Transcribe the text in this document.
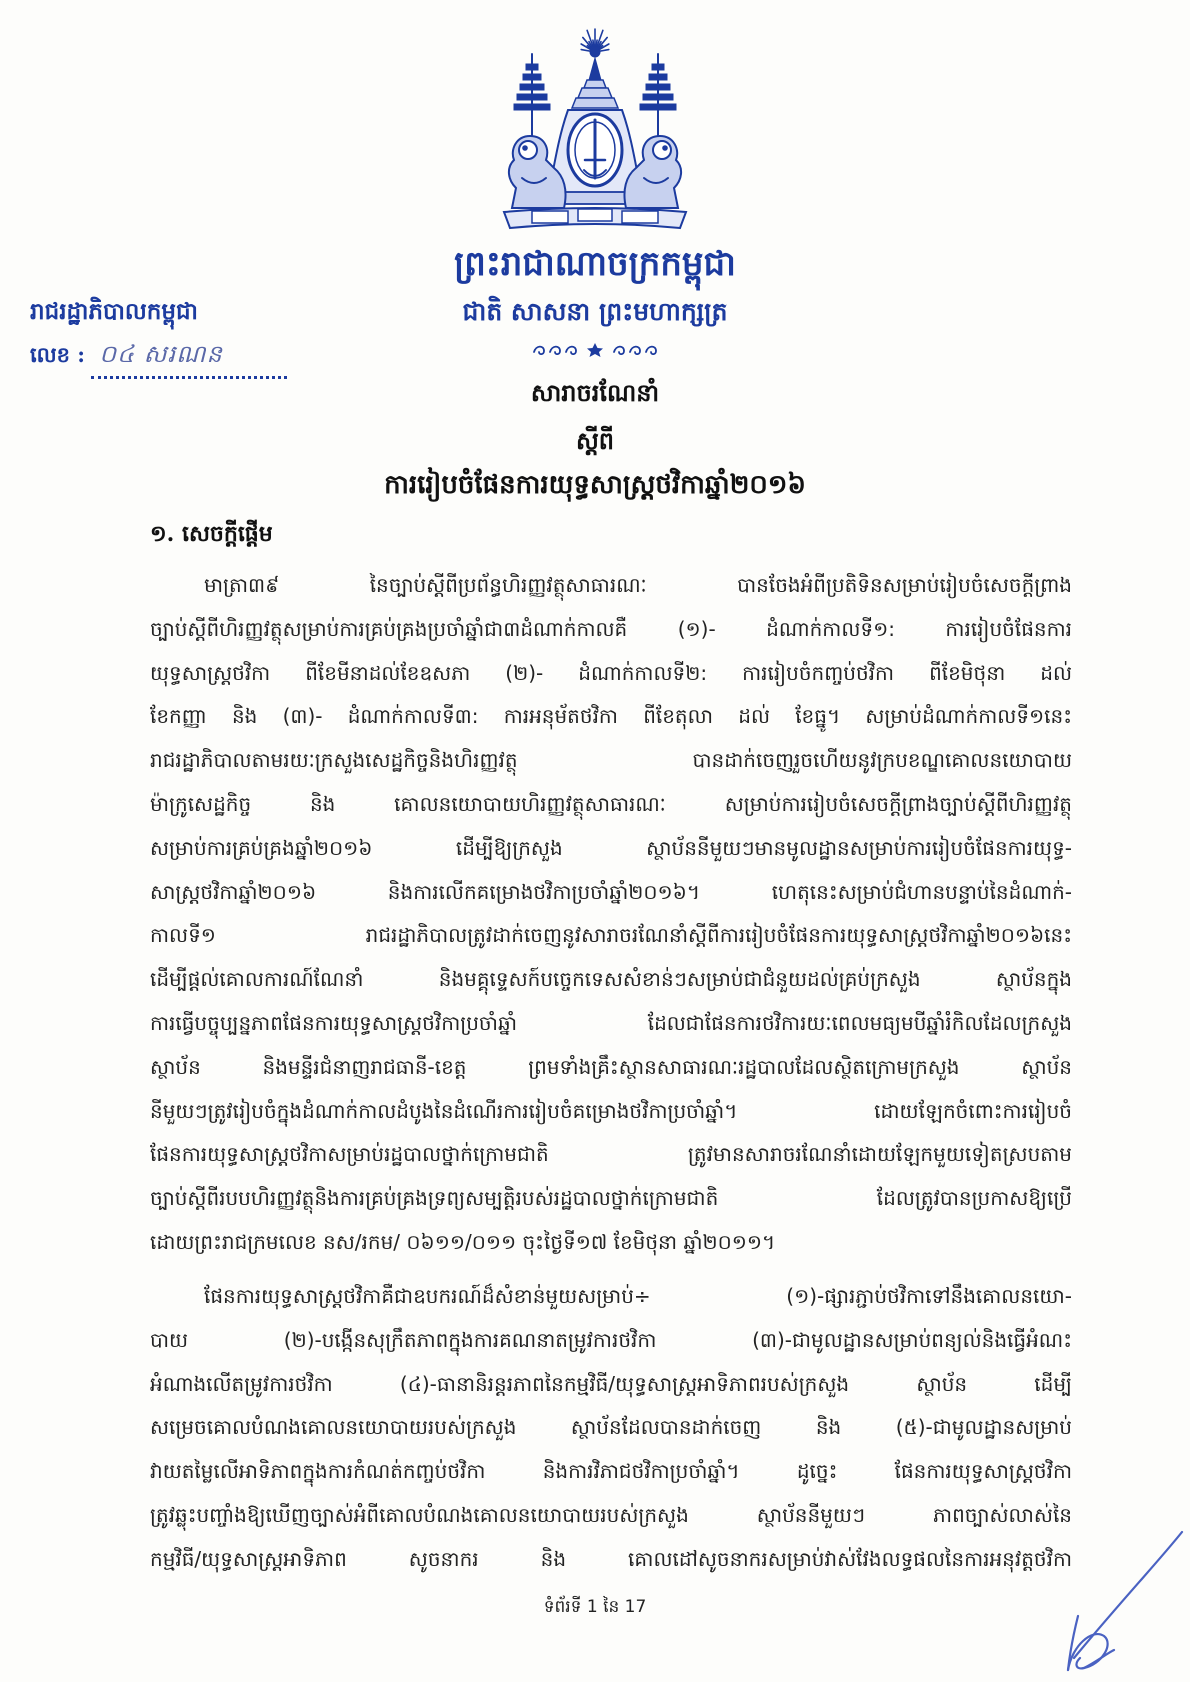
ព្រះរាជាណាចក្រកម្ពុជា
ជាតិ សាសនា ព្រះមហាក្សត្រ
រាជរដ្ឋាភិបាលកម្ពុជា
លេខ : ០៤ សរណន
សារាចរណែនាំ
ស្តីពី
ការរៀបចំផែនការយុទ្ធសាស្ត្រថវិកាឆ្នាំ២០១៦
១. សេចក្តីផ្តើម
មាត្រា៣៩ នៃច្បាប់ស្តីពីប្រព័ន្ធហិរញ្ញវត្ថុសាធារណៈ បានចែងអំពីប្រតិទិនសម្រាប់រៀបចំសេចក្តីព្រាង
ច្បាប់ស្តីពីហិរញ្ញវត្ថុសម្រាប់ការគ្រប់គ្រងប្រចាំឆ្នាំជា៣ដំណាក់កាលគឺ (១)- ដំណាក់កាលទី១: ការរៀបចំផែនការ
យុទ្ធសាស្ត្រថវិកា ពីខែមីនាដល់ខែឧសភា (២)- ដំណាក់កាលទី២: ការរៀបចំកញ្ចប់ថវិកា ពីខែមិថុនា ដល់
ខែកញ្ញា និង (៣)- ដំណាក់កាលទី៣: ការអនុម័តថវិកា ពីខែតុលា ដល់ ខែធ្នូ។ សម្រាប់ដំណាក់កាលទី១នេះ
រាជរដ្ឋាភិបាលតាមរយៈក្រសួងសេដ្ឋកិច្ចនិងហិរញ្ញវត្ថុ បានដាក់ចេញរួចហើយនូវក្របខណ្ឌគោលនយោបាយ
ម៉ាក្រូសេដ្ឋកិច្ច និង គោលនយោបាយហិរញ្ញវត្ថុសាធារណៈ សម្រាប់ការរៀបចំសេចក្តីព្រាងច្បាប់ស្តីពីហិរញ្ញវត្ថុ
សម្រាប់ការគ្រប់គ្រងឆ្នាំ២០១៦ ដើម្បីឱ្យក្រសួង ស្ថាប័ននីមួយៗមានមូលដ្ឋានសម្រាប់ការរៀបចំផែនការយុទ្ធ-
សាស្ត្រថវិកាឆ្នាំ២០១៦ និងការលើកគម្រោងថវិកាប្រចាំឆ្នាំ២០១៦។ ហេតុនេះសម្រាប់ជំហានបន្ទាប់នៃដំណាក់-
កាលទី១ រាជរដ្ឋាភិបាលត្រូវដាក់ចេញនូវសារាចរណែនាំស្តីពីការរៀបចំផែនការយុទ្ធសាស្ត្រថវិកាឆ្នាំ២០១៦នេះ
ដើម្បីផ្តល់គោលការណ៍ណែនាំ និងមគ្គុទ្ទេសក៍បច្ចេកទេសសំខាន់ៗសម្រាប់ជាជំនួយដល់គ្រប់ក្រសួង ស្ថាប័នក្នុង
ការធ្វើបច្ចុប្បន្នភាពផែនការយុទ្ធសាស្ត្រថវិកាប្រចាំឆ្នាំ ដែលជាផែនការថវិការយៈពេលមធ្យមបីឆ្នាំរំកិលដែលក្រសួង
ស្ថាប័ន និងមន្ទីរជំនាញរាជធានី-ខេត្ត ព្រមទាំងគ្រឹះស្ថានសាធារណៈរដ្ឋបាលដែលស្ថិតក្រោមក្រសួង ស្ថាប័ន
នីមួយៗត្រូវរៀបចំក្នុងដំណាក់កាលដំបូងនៃដំណើរការរៀបចំគម្រោងថវិកាប្រចាំឆ្នាំ។ ដោយឡែកចំពោះការរៀបចំ
ផែនការយុទ្ធសាស្ត្រថវិកាសម្រាប់រដ្ឋបាលថ្នាក់ក្រោមជាតិ ត្រូវមានសារាចរណែនាំដោយឡែកមួយទៀតស្របតាម
ច្បាប់ស្តីពីរបបហិរញ្ញវត្ថុនិងការគ្រប់គ្រងទ្រព្យសម្បត្តិរបស់រដ្ឋបាលថ្នាក់ក្រោមជាតិ ដែលត្រូវបានប្រកាសឱ្យប្រើ
ដោយព្រះរាជក្រមលេខ នស/រកម/ ០៦១១/០១១ ចុះថ្ងៃទី១៧ ខែមិថុនា ឆ្នាំ២០១១។
ផែនការយុទ្ធសាស្ត្រថវិកាគឺជាឧបករណ៍ដ៏សំខាន់មួយសម្រាប់÷ (១)-ផ្សារភ្ជាប់ថវិកាទៅនឹងគោលនយោ-
បាយ (២)-បង្កើនសុក្រឹតភាពក្នុងការគណនាតម្រូវការថវិកា (៣)-ជាមូលដ្ឋានសម្រាប់ពន្យល់និងធ្វើអំណះ
អំណាងលើតម្រូវការថវិកា (៤)-ធានានិរន្តរភាពនៃកម្មវិធី/យុទ្ធសាស្ត្រអាទិភាពរបស់ក្រសួង ស្ថាប័ន ដើម្បី
សម្រេចគោលបំណងគោលនយោបាយរបស់ក្រសួង ស្ថាប័នដែលបានដាក់ចេញ និង (៥)-ជាមូលដ្ឋានសម្រាប់
វាយតម្លៃលើអាទិភាពក្នុងការកំណត់កញ្ចប់ថវិកា និងការវិភាជថវិកាប្រចាំឆ្នាំ។ ដូច្នេះ ផែនការយុទ្ធសាស្ត្រថវិកា
ត្រូវឆ្លុះបញ្ចាំងឱ្យឃើញច្បាស់អំពីគោលបំណងគោលនយោបាយរបស់ក្រសួង ស្ថាប័ននីមួយៗ ភាពច្បាស់លាស់នៃ
កម្មវិធី/យុទ្ធសាស្ត្រអាទិភាព សូចនាករ និង គោលដៅសូចនាករសម្រាប់វាស់វែងលទ្ធផលនៃការអនុវត្តថវិកា
ទំព័រទី 1 នៃ 17
